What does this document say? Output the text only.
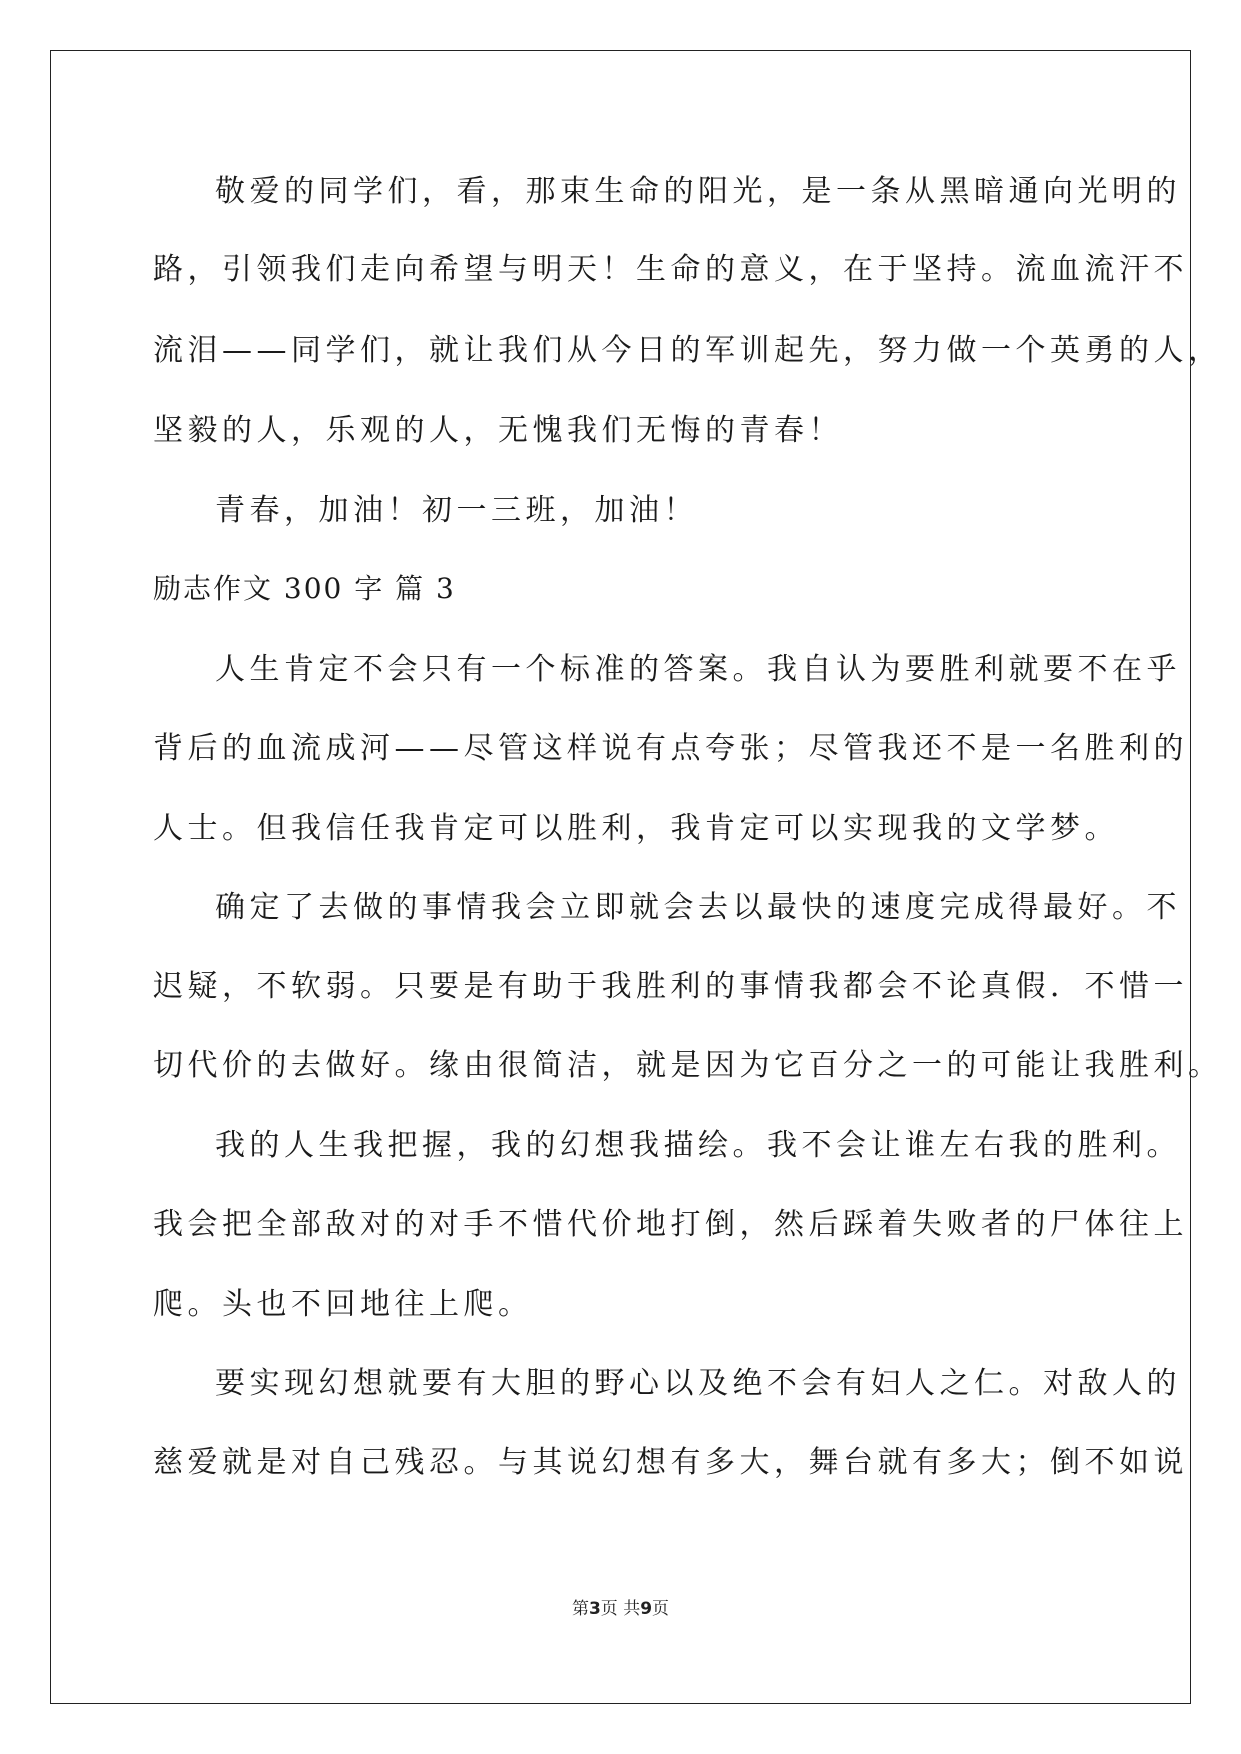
敬爱的同学们，看，那束生命的阳光，是一条从黑暗通向光明的
路，引领我们走向希望与明天！生命的意义，在于坚持。流血流汗不
流泪——同学们，就让我们从今日的军训起先，努力做一个英勇的人，
坚毅的人，乐观的人，无愧我们无悔的青春！
青春，加油！初一三班，加油！
励志作文 300 字 篇 3
人生肯定不会只有一个标准的答案。我自认为要胜利就要不在乎
背后的血流成河——尽管这样说有点夸张；尽管我还不是一名胜利的
人士。但我信任我肯定可以胜利，我肯定可以实现我的文学梦。
确定了去做的事情我会立即就会去以最快的速度完成得最好。不
迟疑，不软弱。只要是有助于我胜利的事情我都会不论真假．不惜一
切代价的去做好。缘由很简洁，就是因为它百分之一的可能让我胜利。
我的人生我把握，我的幻想我描绘。我不会让谁左右我的胜利。
我会把全部敌对的对手不惜代价地打倒，然后踩着失败者的尸体往上
爬。头也不回地往上爬。
要实现幻想就要有大胆的野心以及绝不会有妇人之仁。对敌人的
慈爱就是对自己残忍。与其说幻想有多大，舞台就有多大；倒不如说
第3页 共9页
